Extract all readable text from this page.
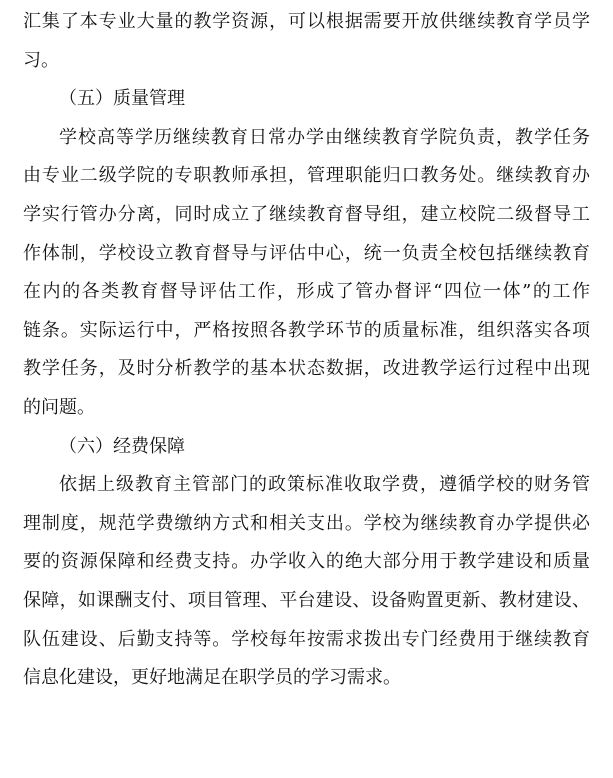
汇集了本专业大量的教学资源，可以根据需要开放供继续教育学员学
习。
（五）质量管理
学校高等学历继续教育日常办学由继续教育学院负责，教学任务
由专业二级学院的专职教师承担，管理职能归口教务处。继续教育办
学实行管办分离，同时成立了继续教育督导组，建立校院二级督导工
作体制，学校设立教育督导与评估中心，统一负责全校包括继续教育
在内的各类教育督导评估工作，形成了管办督评“四位一体”的工作
链条。实际运行中，严格按照各教学环节的质量标准，组织落实各项
教学任务，及时分析教学的基本状态数据，改进教学运行过程中出现
的问题。
（六）经费保障
依据上级教育主管部门的政策标准收取学费，遵循学校的财务管
理制度，规范学费缴纳方式和相关支出。学校为继续教育办学提供必
要的资源保障和经费支持。办学收入的绝大部分用于教学建设和质量
保障，如课酬支付、项目管理、平台建设、设备购置更新、教材建设、
队伍建设、后勤支持等。学校每年按需求拨出专门经费用于继续教育
信息化建设，更好地满足在职学员的学习需求。
